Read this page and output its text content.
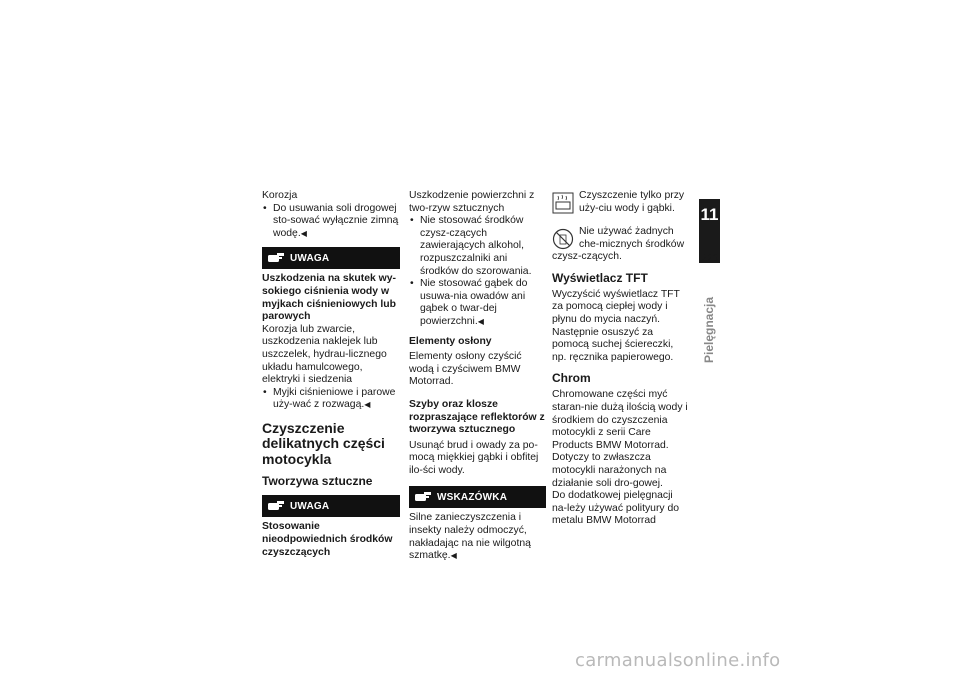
Korozja

• Do usuwania soli drogowej sto-sować wyłącznie zimną wodę.◀
UWAGA

Uszkodzenia na skutek wy-sokiego ciśnienia wody w myjkach ciśnieniowych lub parowych

Korozja lub zwarcie, uszkodzenia naklejek lub uszczelek, hydrau-licznego układu hamulcowego, elektryki i siedzenia

• Myjki ciśnieniowe i parowe uży-wać z rozwagą.◀
Czyszczenie delikatnych części motocykla
Tworzywa sztuczne
UWAGA

Stosowanie nieodpowiednich środków czyszczących

Uszkodzenie powierzchni z two-rzyw sztucznych

• Nie stosować środków czysz-czących zawierających alkohol, rozpuszczalniki ani środków do szorowania.
• Nie stosować gąbek do usuwa-nia owadów ani gąbek o twar-dej powierzchni.◀
Elementy osłony

Elementy osłony czyścić wodą i czyściwem BMW Motorrad.

Szyby oraz klosze rozpraszające reflektorów z tworzywa sztucznego

Usunąć brud i owady za po-mocą miękkiej gąbki i obfitej ilo-ści wody.

WSKAZÓWKA

Silne zanieczyszczenia i insekty należy odmoczyć, nakładając na nie wilgotną szmatkę.◀

Czyszczenie tylko przy uży-ciu wody i gąbki.

Nie używać żadnych che-micznych środków czysz-czących.

Wyświetlacz TFT

Wyczyścić wyświetlacz TFT za pomocą ciepłej wody i płynu do mycia naczyń. Następnie osuszyć za pomocą suchej ściereczki, np. ręcznika papierowego.

Chrom

Chromowane części myć staran-nie dużą ilością wody i środkiem do czyszczenia motocykli z serii Care Products BMW Motorrad. Dotyczy to zwłaszcza motocykli narażonych na działanie soli dro-gowej.

Do dodatkowej pielęgnacji na-leży używać polityury do metalu BMW Motorrad

11
229
Pielęgnacja
carmanualsonline.info
